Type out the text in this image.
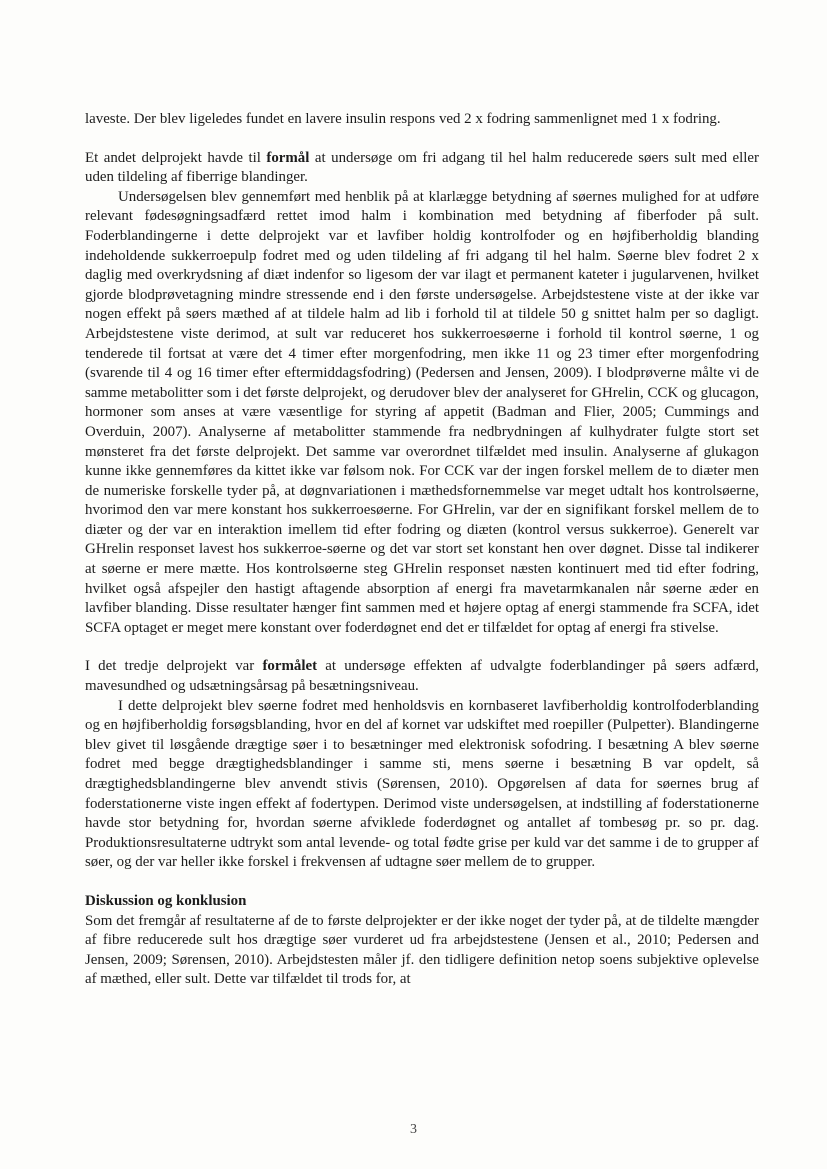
laveste. Der blev ligeledes fundet en lavere insulin respons ved 2 x fodring sammenlignet med 1 x fodring.

Et andet delprojekt havde til formål at undersøge om fri adgang til hel halm reducerede søers sult med eller uden tildeling af fiberrige blandinger.

Undersøgelsen blev gennemført med henblik på at klarlægge betydning af søernes mulighed for at udføre relevant fødesøgningsadfærd rettet imod halm i kombination med betydning af fiberfoder på sult. Foderblandingerne i dette delprojekt var et lavfiber holdig kontrolfoder og en højfiberholdig blanding indeholdende sukkerroepulp fodret med og uden tildeling af fri adgang til hel halm. Søerne blev fodret 2 x daglig med overkrydsning af diæt indenfor so ligesom der var ilagt et permanent kateter i jugularvenen, hvilket gjorde blodprøvetagning mindre stressende end i den første undersøgelse. Arbejdstestene viste at der ikke var nogen effekt på søers mæthed af at tildele halm ad lib i forhold til at tildele 50 g snittet halm per so dagligt. Arbejdstestene viste derimod, at sult var reduceret hos sukkerroesøerne i forhold til kontrol søerne, 1 og tenderede til fortsat at være det 4 timer efter morgenfodring, men ikke 11 og 23 timer efter morgenfodring (svarende til 4 og 16 timer efter eftermiddagsfodring) (Pedersen and Jensen, 2009). I blodprøverne målte vi de samme metabolitter som i det første delprojekt, og derudover blev der analyseret for GHrelin, CCK og glucagon, hormoner som anses at være væsentlige for styring af appetit (Badman and Flier, 2005; Cummings and Overduin, 2007). Analyserne af metabolitter stammende fra nedbrydningen af kulhydrater fulgte stort set mønsteret fra det første delprojekt. Det samme var overordnet tilfældet med insulin. Analyserne af glukagon kunne ikke gennemføres da kittet ikke var følsom nok. For CCK var der ingen forskel mellem de to diæter men de numeriske forskelle tyder på, at døgnvariationen i mæthedsfornemmelse var meget udtalt hos kontrolsøerne, hvorimod den var mere konstant hos sukkerroesøerne. For GHrelin, var der en signifikant forskel mellem de to diæter og der var en interaktion imellem tid efter fodring og diæten (kontrol versus sukkerroe). Generelt var GHrelin responset lavest hos sukkerroe-søerne og det var stort set konstant hen over døgnet. Disse tal indikerer at søerne er mere mætte. Hos kontrolsøerne steg GHrelin responset næsten kontinuert med tid efter fodring, hvilket også afspejler den hastigt aftagende absorption af energi fra mavetarmkanalen når søerne æder en lavfiber blanding. Disse resultater hænger fint sammen med et højere optag af energi stammende fra SCFA, idet SCFA optaget er meget mere konstant over foderdøgnet end det er tilfældet for optag af energi fra stivelse.

I det tredje delprojekt var formålet at undersøge effekten af udvalgte foderblandinger på søers adfærd, mavesundhed og udsætningsårsag på besætningsniveau.

I dette delprojekt blev søerne fodret med henholdsvis en kornbaseret lavfiberholdig kontrolfoderblanding og en højfiberholdig forsøgsblanding, hvor en del af kornet var udskiftet med roepiller (Pulpetter). Blandingerne blev givet til løsgående drægtige søer i to besætninger med elektronisk sofodring. I besætning A blev søerne fodret med begge drægtighedsblandinger i samme sti, mens søerne i besætning B var opdelt, så drægtighedsblandingerne blev anvendt stivis (Sørensen, 2010). Opgørelsen af data for søernes brug af foderstationerne viste ingen effekt af fodertypen. Derimod viste undersøgelsen, at indstilling af foderstationerne havde stor betydning for, hvordan søerne afviklede foderdøgnet og antallet af tombesøg pr. so pr. dag. Produktionsresultaterne udtrykt som antal levende- og total fødte grise per kuld var det samme i de to grupper af søer, og der var heller ikke forskel i frekvensen af udtagne søer mellem de to grupper.

Diskussion og konklusion

Som det fremgår af resultaterne af de to første delprojekter er der ikke noget der tyder på, at de tildelte mængder af fibre reducerede sult hos drægtige søer vurderet ud fra arbejdstestene (Jensen et al., 2010; Pedersen and Jensen, 2009; Sørensen, 2010). Arbejdstesten måler jf. den tidligere definition netop soens subjektive oplevelse af mæthed, eller sult. Dette var tilfældet til trods for, at

3
